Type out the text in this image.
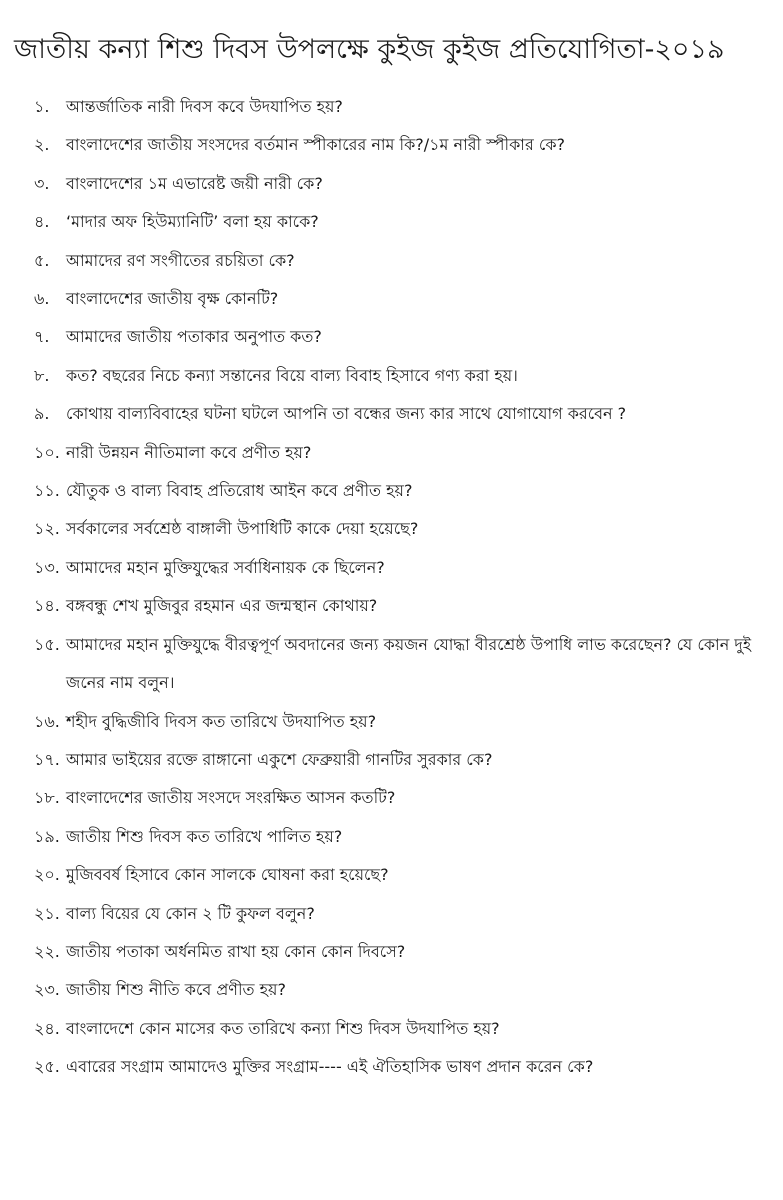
জাতীয় কন্যা শিশু দিবস উপলক্ষে কুইজ কুইজ প্রতিযোগিতা-২০১৯
১.	আন্তর্জাতিক নারী দিবস কবে উদযাপিত হয়?
২.	বাংলাদেশের জাতীয় সংসদের বর্তমান স্পীকারের নাম কি?/১ম নারী স্পীকার কে?
৩.	বাংলাদেশের ১ম এভারেষ্ট জয়ী নারী কে?
৪.	‘মাদার অফ হিউম্যানিটি’ বলা হয় কাকে?
৫.	আমাদের রণ সংগীতের রচয়িতা কে?
৬.	বাংলাদেশের জাতীয় বৃক্ষ কোনটি?
৭.	আমাদের জাতীয় পতাকার অনুপাত কত?
৮.	কত? বছরের নিচে কন্যা সন্তানের বিয়ে বাল্য বিবাহ হিসাবে গণ্য করা হয়।
৯.	কোথায় বাল্যবিবাহের ঘটনা ঘটলে আপনি তা বন্ধের জন্য কার সাথে যোগাযোগ করবেন ?
১০. নারী উন্নয়ন নীতিমালা কবে প্রণীত হয়?
১১. যৌতুক ও বাল্য বিবাহ প্রতিরোধ আইন কবে প্রণীত হয়?
১২. সর্বকালের সর্বশ্রেষ্ঠ বাঙ্গালী উপাধিটি কাকে দেয়া হয়েছে?
১৩. আমাদের মহান মুক্তিযুদ্ধের সর্বাধিনায়ক কে ছিলেন?
১৪. বঙ্গবন্ধু শেখ মুজিবুর রহমান এর জন্মস্থান কোথায়?
১৫. আমাদের মহান মুক্তিযুদ্ধে বীরত্বপূর্ণ অবদানের জন্য কয়জন যোদ্ধা বীরশ্রেষ্ঠ উপাধি লাভ করেছেন? যে কোন দুই জনের নাম বলুন।
১৬. শহীদ বুদ্ধিজীবি দিবস কত তারিখে উদযাপিত হয়?
১৭. আমার ভাইয়ের রক্তে রাঙ্গানো একুশে ফেব্রুয়ারী গানটির সুরকার কে?
১৮. বাংলাদেশের জাতীয় সংসদে সংরক্ষিত আসন কতটি?
১৯. জাতীয় শিশু দিবস কত তারিখে পালিত হয়?
২০. মুজিববর্ষ হিসাবে কোন সালকে ঘোষনা করা হয়েছে?
২১. বাল্য বিয়ের যে কোন ২ টি কুফল বলুন?
২২. জাতীয় পতাকা অর্ধনমিত রাখা হয় কোন কোন দিবসে?
২৩. জাতীয় শিশু নীতি কবে প্রণীত হয়?
২৪. বাংলাদেশে কোন মাসের কত তারিখে কন্যা শিশু দিবস উদযাপিত হয়?
২৫. এবারের সংগ্রাম আমাদেও মুক্তির সংগ্রাম---- এই ঐতিহাসিক ভাষণ প্রদান করেন কে?
